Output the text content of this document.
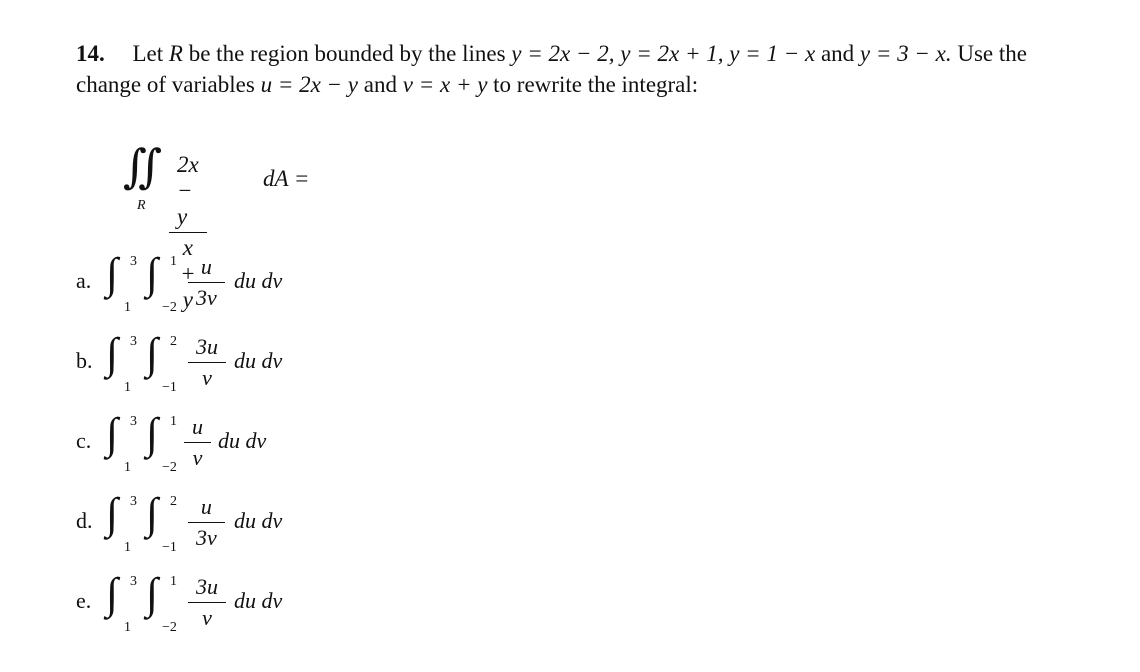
14. Let R be the region bounded by the lines y = 2x − 2, y = 2x + 1, y = 1 − x and y = 3 − x. Use the change of variables u = 2x − y and v = x + y to rewrite the integral:
∬
R $\frac{2x - y}{x + y}$	dA =
a. ∫ 3
1
∫ 1
$-2 \frac{u}{3v}$ du dv
b. ∫ 3
1
∫ 2
$-1 \frac{3u}{v}$ du dv
c. ∫ 3
1
∫ 1
$-2 \frac{u}{v}$ du dv
d. ∫ 3
1
∫ 2
$-1 \frac{u}{3v}$ du dv
e. ∫ 3
1
∫ 1
$-2 \frac{3u}{v}$ du dv
